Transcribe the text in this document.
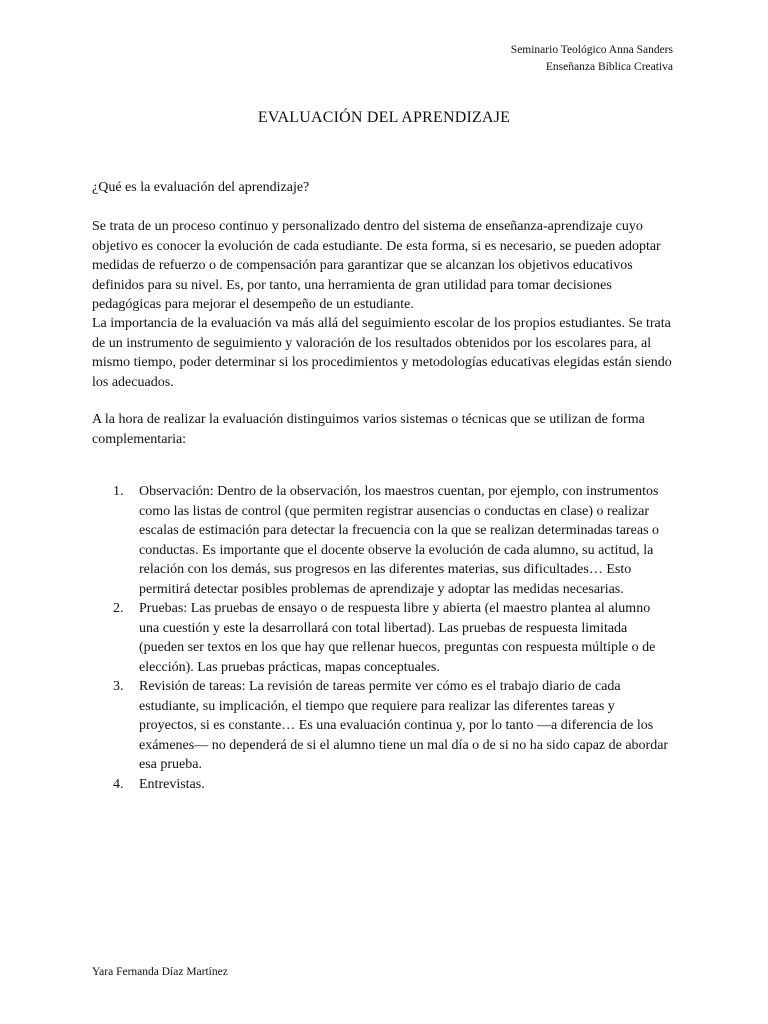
Seminario Teológico Anna Sanders
Enseñanza Bíblica Creativa
EVALUACIÓN DEL APRENDIZAJE

¿Qué es la evaluación del aprendizaje?

Se trata de un proceso continuo y personalizado dentro del sistema de enseñanza-aprendizaje cuyo objetivo es conocer la evolución de cada estudiante. De esta forma, si es necesario, se pueden adoptar medidas de refuerzo o de compensación para garantizar que se alcanzan los objetivos educativos definidos para su nivel. Es, por tanto, una herramienta de gran utilidad para tomar decisiones pedagógicas para mejorar el desempeño de un estudiante.

La importancia de la evaluación va más allá del seguimiento escolar de los propios estudiantes. Se trata de un instrumento de seguimiento y valoración de los resultados obtenidos por los escolares para, al mismo tiempo, poder determinar si los procedimientos y metodologías educativas elegidas están siendo los adecuados.

A la hora de realizar la evaluación distinguimos varios sistemas o técnicas que se utilizan de forma complementaria:

1. Observación: Dentro de la observación, los maestros cuentan, por ejemplo, con instrumentos como las listas de control (que permiten registrar ausencias o conductas en clase) o realizar escalas de estimación para detectar la frecuencia con la que se realizan determinadas tareas o conductas. Es importante que el docente observe la evolución de cada alumno, su actitud, la relación con los demás, sus progresos en las diferentes materias, sus dificultades… Esto permitirá detectar posibles problemas de aprendizaje y adoptar las medidas necesarias.
2. Pruebas: Las pruebas de ensayo o de respuesta libre y abierta (el maestro plantea al alumno una cuestión y este la desarrollará con total libertad). Las pruebas de respuesta limitada (pueden ser textos en los que hay que rellenar huecos, preguntas con respuesta múltiple o de elección). Las pruebas prácticas, mapas conceptuales.
3. Revisión de tareas: La revisión de tareas permite ver cómo es el trabajo diario de cada estudiante, su implicación, el tiempo que requiere para realizar las diferentes tareas y proyectos, si es constante… Es una evaluación continua y, por lo tanto —a diferencia de los exámenes— no dependerá de si el alumno tiene un mal día o de si no ha sido capaz de abordar esa prueba.
4. Entrevistas.
Yara Fernanda Díaz Martínez
